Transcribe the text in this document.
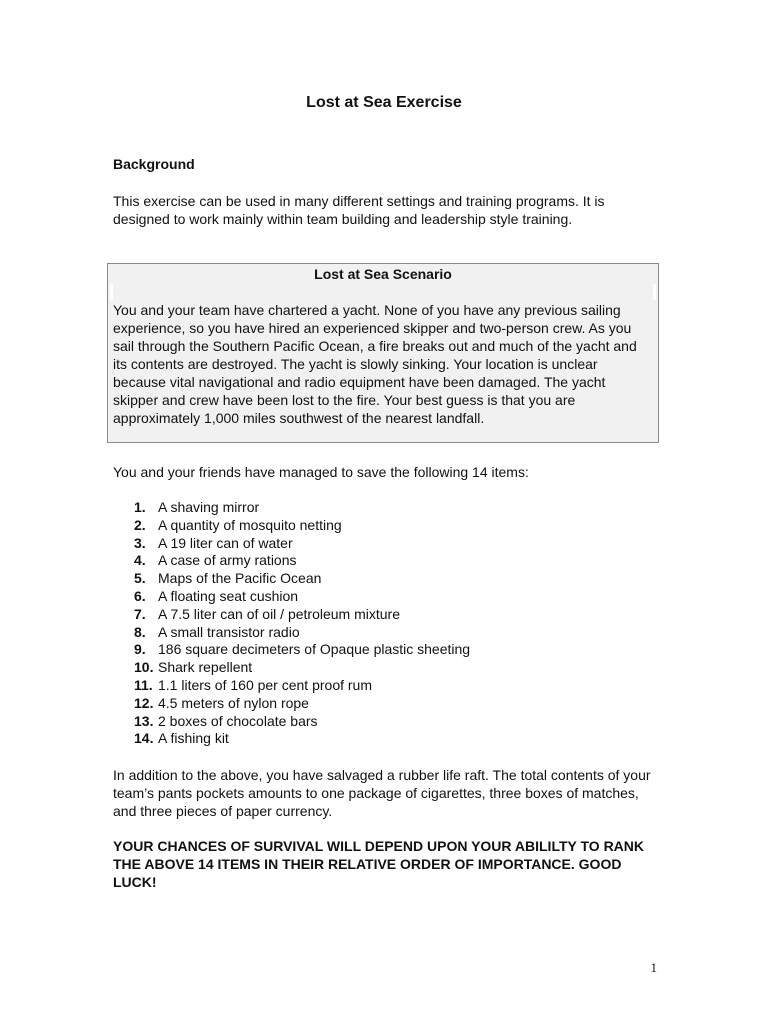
Lost at Sea Exercise
Background
This exercise can be used in many different settings and training programs. It is designed to work mainly within team building and leadership style training.
Lost at Sea Scenario
You and your team have chartered a yacht. None of you have any previous sailing experience, so you have hired an experienced skipper and two-person crew. As you sail through the Southern Pacific Ocean, a fire breaks out and much of the yacht and its contents are destroyed. The yacht is slowly sinking. Your location is unclear because vital navigational and radio equipment have been damaged. The yacht skipper and crew have been lost to the fire. Your best guess is that you are approximately 1,000 miles southwest of the nearest landfall.
You and your friends have managed to save the following 14 items:
1. A shaving mirror
2. A quantity of mosquito netting
3. A 19 liter can of water
4. A case of army rations
5. Maps of the Pacific Ocean
6. A floating seat cushion
7. A 7.5 liter can of oil / petroleum mixture
8. A small transistor radio
9. 186 square decimeters of Opaque plastic sheeting
10. Shark repellent
11. 1.1 liters of 160 per cent proof rum
12. 4.5 meters of nylon rope
13. 2 boxes of chocolate bars
14. A fishing kit
In addition to the above, you have salvaged a rubber life raft. The total contents of your team’s pants pockets amounts to one package of cigarettes, three boxes of matches, and three pieces of paper currency.
YOUR CHANCES OF SURVIVAL WILL DEPEND UPON YOUR ABILILTY TO RANK THE ABOVE 14 ITEMS IN THEIR RELATIVE ORDER OF IMPORTANCE. GOOD LUCK!
1
